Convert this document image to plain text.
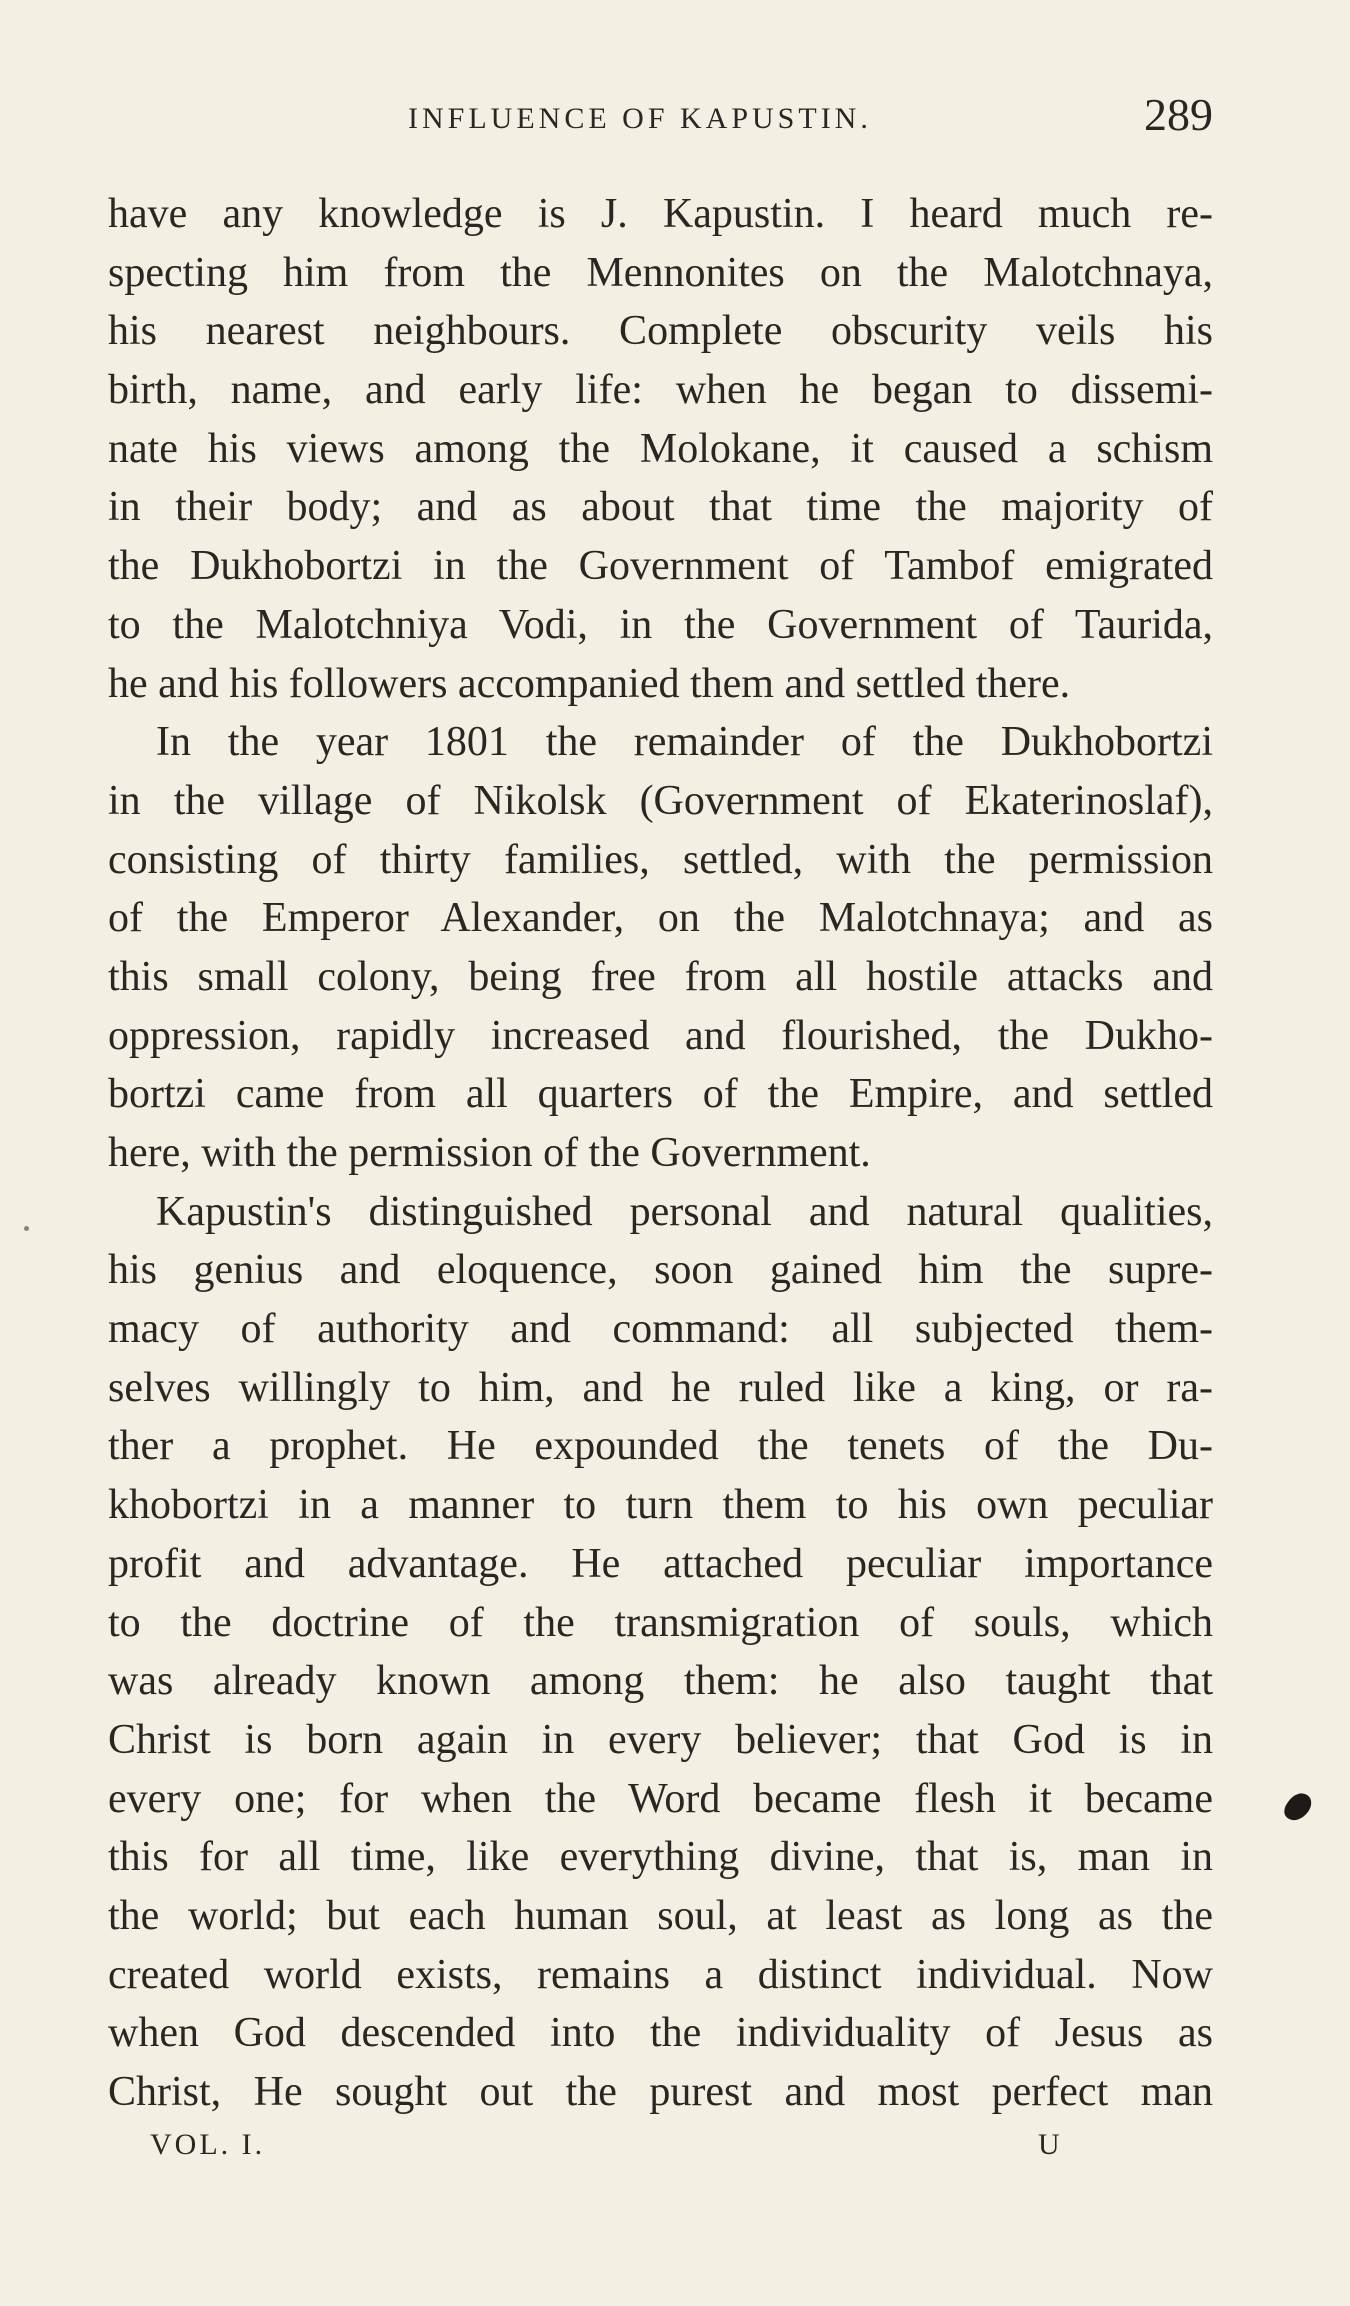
INFLUENCE OF KAPUSTIN.	289
have any knowledge is J. Kapustin. I heard much re-
specting him from the Mennonites on the Malotchnaya,
his nearest neighbours. Complete obscurity veils his
birth, name, and early life: when he began to dissemi-
nate his views among the Molokane, it caused a schism
in their body; and as about that time the majority of
the Dukhobortzi in the Government of Tambof emigrated
to the Malotchniya Vodi, in the Government of Taurida,
he and his followers accompanied them and settled there.
In the year 1801 the remainder of the Dukhobortzi
in the village of Nikolsk (Government of Ekaterinoslaf),
consisting of thirty families, settled, with the permission
of the Emperor Alexander, on the Malotchnaya; and as
this small colony, being free from all hostile attacks and
oppression, rapidly increased and flourished, the Dukho-
bortzi came from all quarters of the Empire, and settled
here, with the permission of the Government.
Kapustin's distinguished personal and natural qualities,
his genius and eloquence, soon gained him the supre-
macy of authority and command: all subjected them-
selves willingly to him, and he ruled like a king, or ra-
ther a prophet. He expounded the tenets of the Du-
khobortzi in a manner to turn them to his own peculiar
profit and advantage. He attached peculiar importance
to the doctrine of the transmigration of souls, which
was already known among them: he also taught that
Christ is born again in every believer; that God is in
every one; for when the Word became flesh it became
this for all time, like everything divine, that is, man in
the world; but each human soul, at least as long as the
created world exists, remains a distinct individual. Now
when God descended into the individuality of Jesus as
Christ, He sought out the purest and most perfect man
VOL. I.	U
